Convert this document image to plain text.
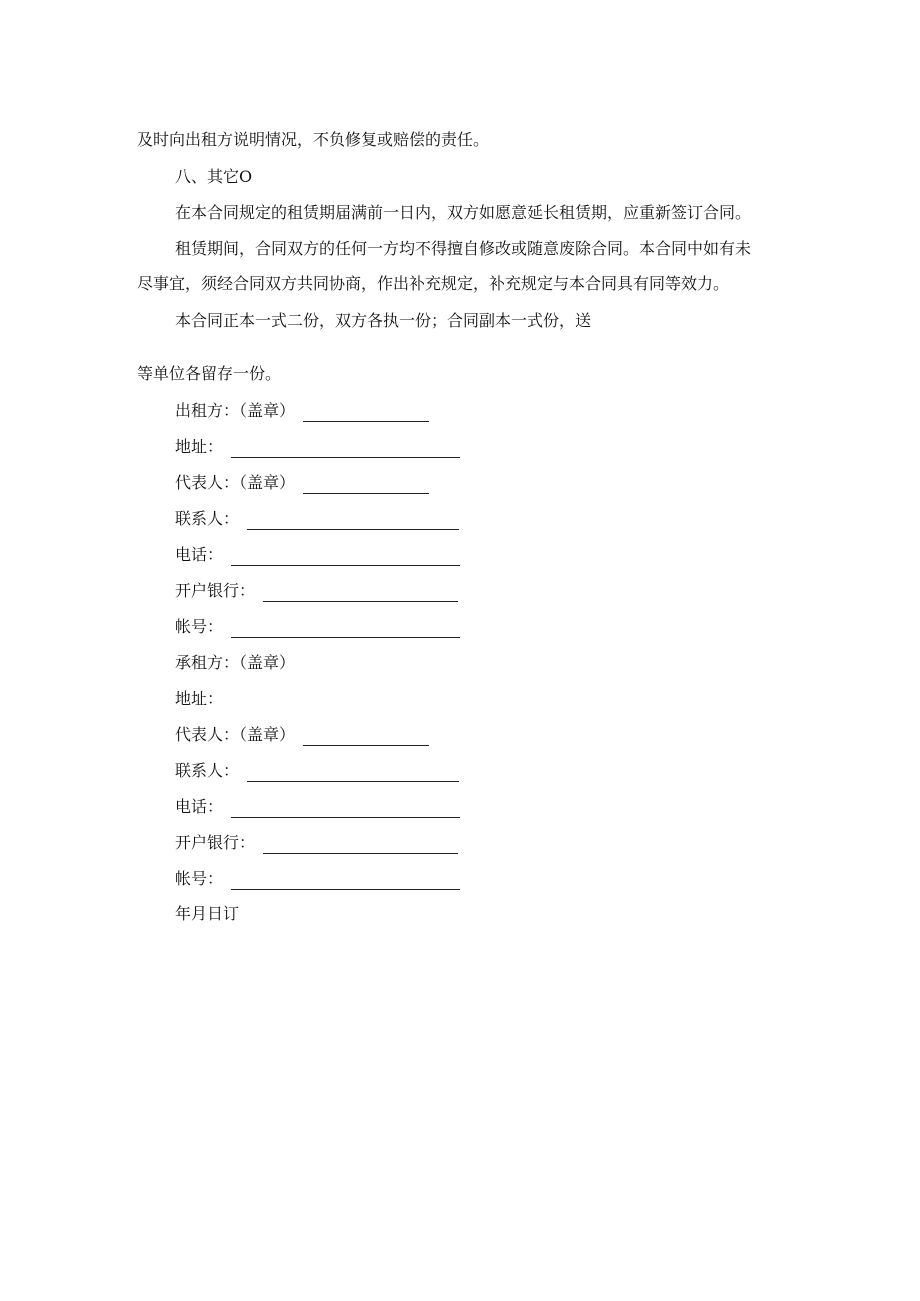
及时向出租方说明情况，不负修复或赔偿的责任。
八、其它O
在本合同规定的租赁期届满前一日内，双方如愿意延长租赁期，应重新签订合同。
租赁期间，合同双方的任何一方均不得擅自修改或随意废除合同。本合同中如有未
尽事宜，须经合同双方共同协商，作出补充规定，补充规定与本合同具有同等效力。
本合同正本一式二份，双方各执一份；合同副本一式份，送
等单位各留存一份。
出租方：（盖章）
地址：
代表人：（盖章）
联系人：
电话：
开户银行：
帐号：
承租方：（盖章）
地址：
代表人：（盖章）
联系人：
电话：
开户银行：
帐号：
年月日订
